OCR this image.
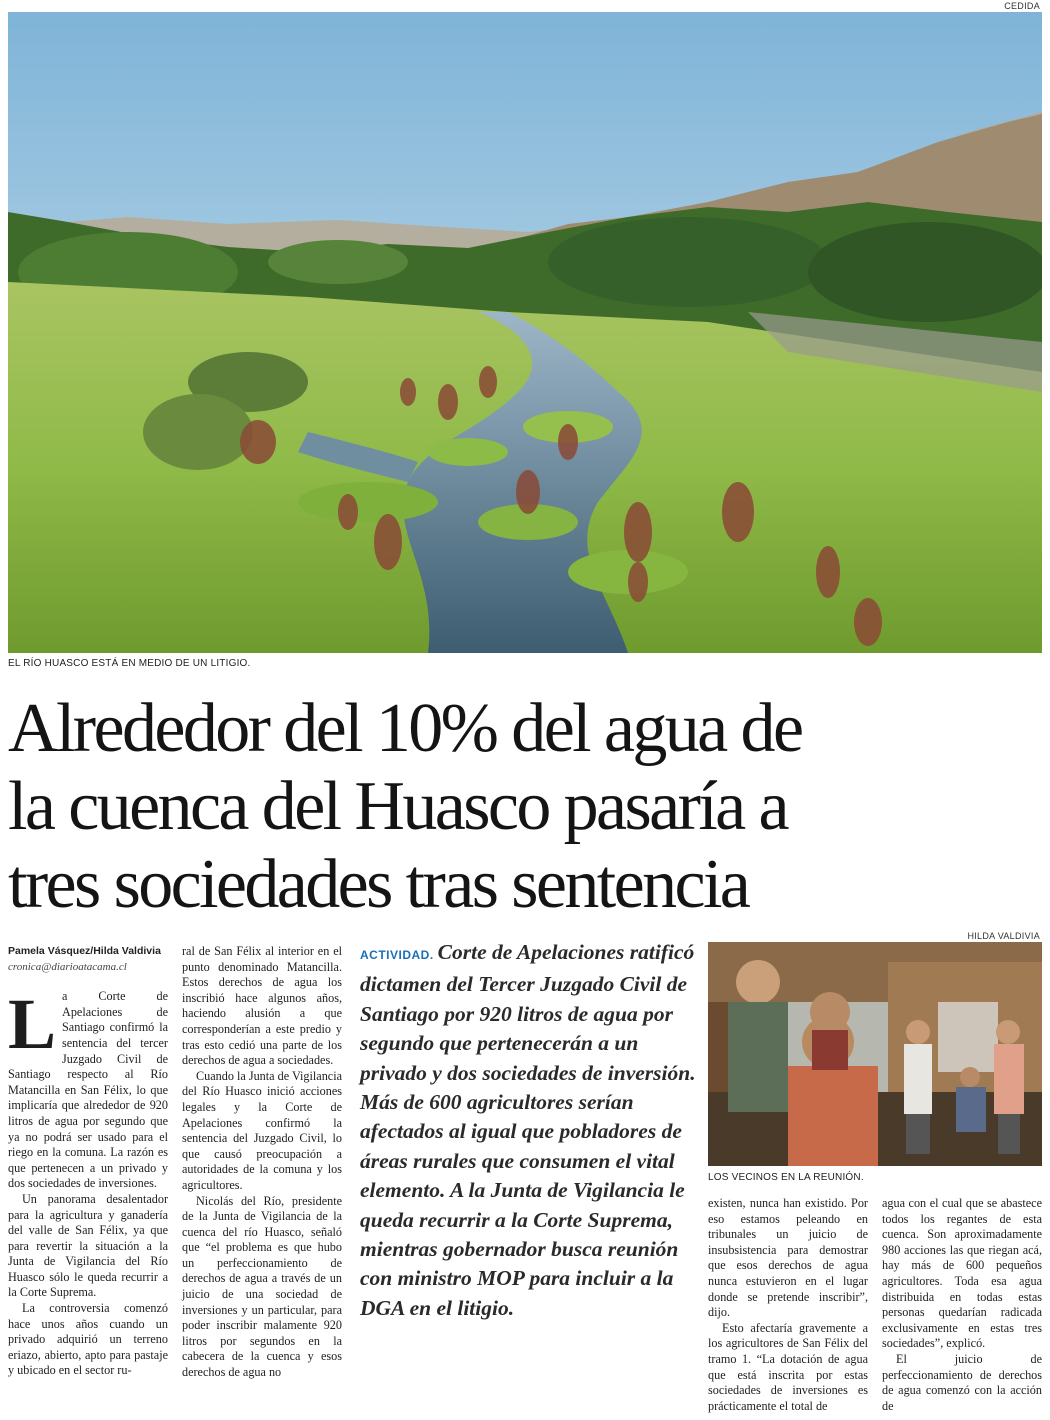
CEDIDA
EL RÍO HUASCO ESTÁ EN MEDIO DE UN LITIGIO.
Alrededor del 10% del agua de
la cuenca del Huasco pasaría a
tres sociedades tras sentencia
Pamela Vásquez/Hilda Valdivia
cronica@diarioatacama.cl

La Corte de Apelaciones de Santiago confirmó la sentencia del tercer Juzgado Civil de Santiago respecto al Río Matancilla en San Félix, lo que implicaría que alrededor de 920 litros de agua por segundo que ya no podrá ser usado para el riego en la comuna. La razón es que pertenecen a un privado y dos sociedades de inversiones.

Un panorama desalentador para la agricultura y ganadería del valle de San Félix, ya que para revertir la situación a la Junta de Vigilancia del Río Huasco sólo le queda recurrir a la Corte Suprema.

La controversia comenzó hace unos años cuando un privado adquirió un terreno eriazo, abierto, apto para pastaje y ubicado en el sector ru-

ral de San Félix al interior en el punto denominado Matancilla. Estos derechos de agua los inscribió hace algunos años, haciendo alusión a que corresponderían a este predio y tras esto cedió una parte de los derechos de agua a sociedades.

Cuando la Junta de Vigilancia del Río Huasco inició acciones legales y la Corte de Apelaciones confirmó la sentencia del Juzgado Civil, lo que causó preocupación a autoridades de la comuna y los agricultores.

Nicolás del Río, presidente de la Junta de Vigilancia de la cuenca del río Huasco, señaló que “el problema es que hubo un perfeccionamiento de derechos de agua a través de un juicio de una sociedad de inversiones y un particular, para poder inscribir malamente 920 litros por segundos en la cabecera de la cuenca y esos derechos de agua no

ACTIVIDAD. Corte de Apelaciones ratificó dictamen del Tercer Juzgado Civil de Santiago por 920 litros de agua por segundo que pertenecerán a un privado y dos sociedades de inversión. Más de 600 agricultores serían afectados al igual que pobladores de áreas rurales que consumen el vital elemento. A la Junta de Vigilancia le queda recurrir a la Corte Suprema, mientras gobernador busca reunión con ministro MOP para incluir a la DGA en el litigio.
HILDA VALDIVIA
LOS VECINOS EN LA REUNIÓN.

existen, nunca han existido. Por eso estamos peleando en tribunales un juicio de insubsistencia para demostrar que esos derechos de agua nunca estuvieron en el lugar donde se pretende inscribir”, dijo.

Esto afectaría gravemente a los agricultores de San Félix del tramo 1. “La dotación de agua que está inscrita por estas sociedades de inversiones es prácticamente el total de

agua con el cual que se abastece todos los regantes de esta cuenca. Son aproximadamente 980 acciones las que riegan acá, hay más de 600 pequeños agricultores. Toda esa agua distribuida en todas estas personas quedarían radicada exclusivamente en estas tres sociedades”, explicó.

El juicio de perfeccionamiento de derechos de agua comenzó con la acción de
